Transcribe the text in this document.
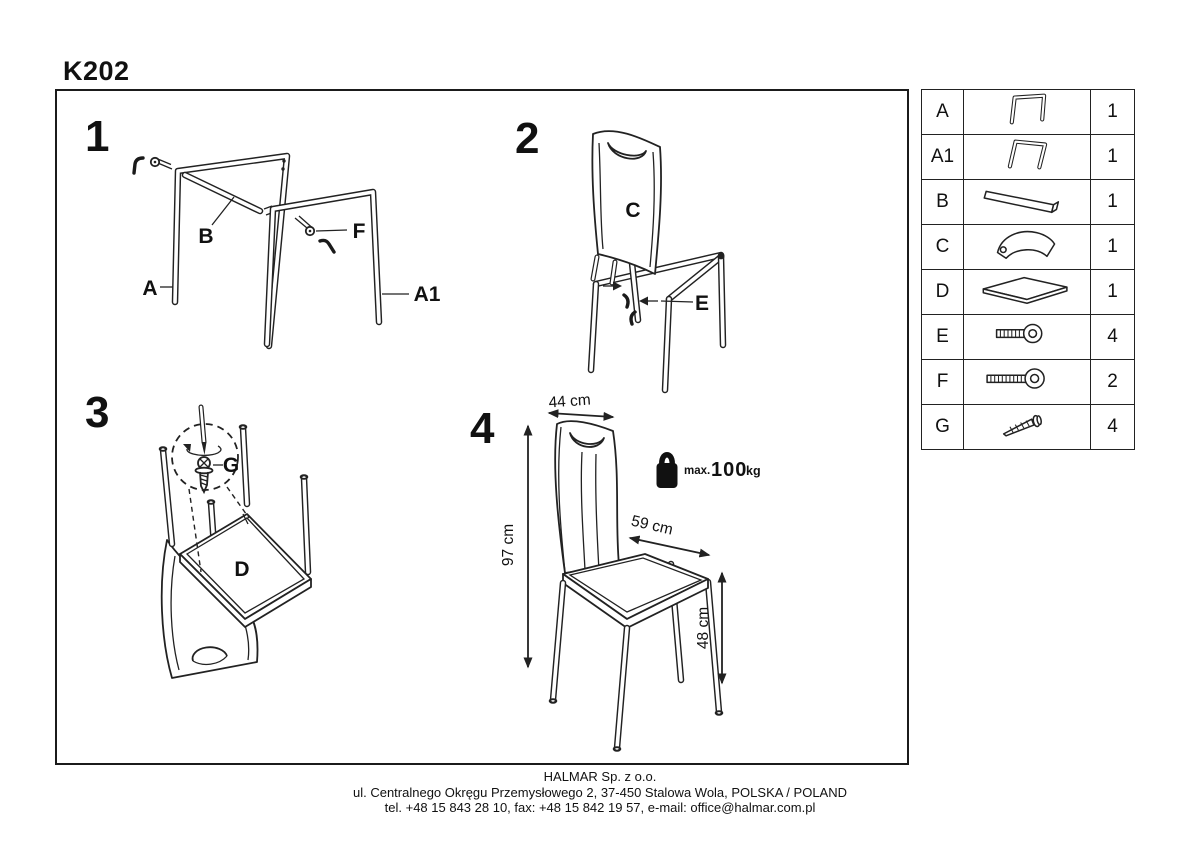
K202
1
A
B	F
A1
2
E
C
3
G
D
4
44 cm
97 cm	59 cm
48 cm
max. 100
kg
A		1
A1		1
B		1
C		1
D		1
E		4
F		2
G		4
HALMAR Sp. z o.o.
ul. Centralnego Okręgu Przemysłowego 2, 37-450 Stalowa Wola, POLSKA / POLAND
tel. +48 15 843 28 10, fax: +48 15 842 19 57, e-mail: office@halmar.com.pl
